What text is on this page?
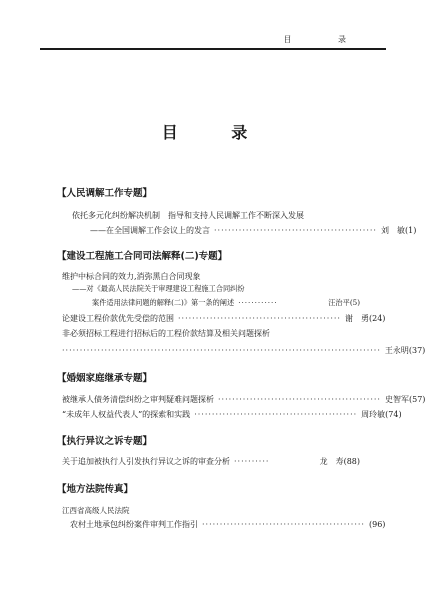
目 录
目 录
【人民调解工作专题】
依托多元化纠纷解决机制　指导和支持人民调解工作不断深入发展
——在全国调解工作会议上的发言 ·············································· 刘　敏 (1)
【建设工程施工合同司法解释(二)专题】
维护中标合同的效力,消弥黑白合同现象
——对《最高人民法院关于审理建设工程施工合同纠纷
案件适用法律问题的解释(二)》第一条的阐述 ············	汪治平 (5)
论建设工程价款优先受偿的范围 ·············································· 谢　勇 (24)
非必须招标工程进行招标后的工程价款结算及相关问题探析
·························································································· 王永明 (37)
【婚姻家庭继承专题】
被继承人债务清偿纠纷之审判疑难问题探析 ·············································· 史智军 (57)
“未成年人权益代表人”的探索和实践 ·············································· 周玲敏 (74)
【执行异议之诉专题】
关于追加被执行人引发执行异议之诉的审查分析 ··········	龙　寿 (88)
【地方法院传真】
江西省高级人民法院
农村土地承包纠纷案件审判工作指引 ·············································· (96)
